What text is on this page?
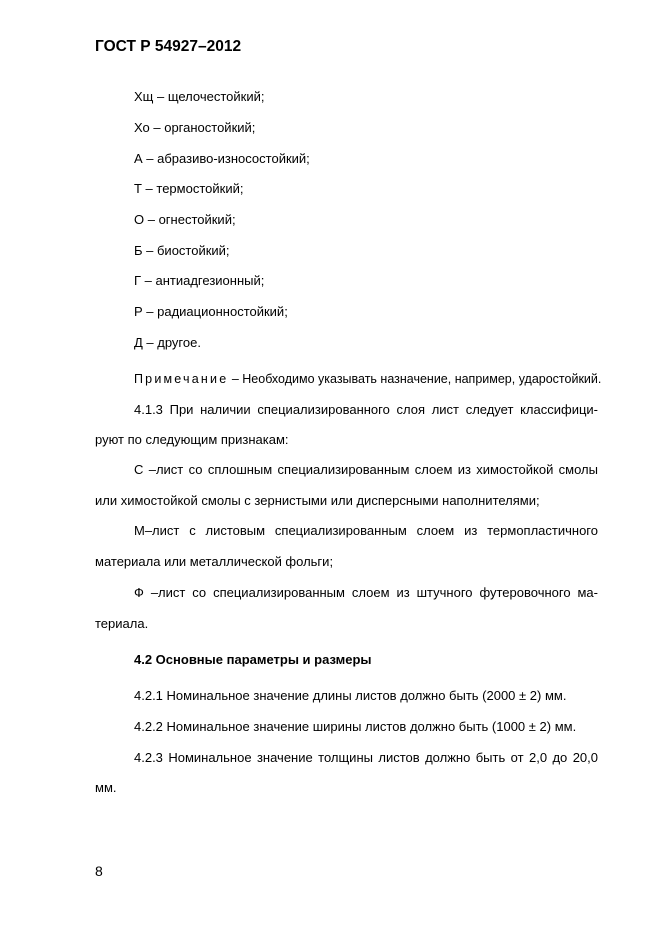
ГОСТ Р 54927–2012
Хщ – щелочестойкий;
Хо – органостойкий;
А – абразиво-износостойкий;
Т – термостойкий;
О – огнестойкий;
Б – биостойкий;
Г – антиадгезионный;
Р – радиационностойкий;
Д – другое.
Примечание – Необходимо указывать назначение, например, ударостойкий.
4.1.3 При наличии специализированного слоя лист следует классифици-
руют по следующим признакам:
С –лист со сплошным специализированным слоем из химостойкой смолы
или химостойкой смолы с зернистыми или дисперсными наполнителями;
М–лист с листовым специализированным слоем из термопластичного
материала или металлической фольги;
Ф –лист со специализированным слоем из штучного футеровочного ма-
териала.
4.2 Основные параметры и размеры
4.2.1 Номинальное значение длины листов должно быть (2000 ± 2) мм.
4.2.2 Номинальное значение ширины листов должно быть (1000 ± 2) мм.
4.2.3 Номинальное значение толщины листов должно быть от 2,0 до 20,0
мм.
8
